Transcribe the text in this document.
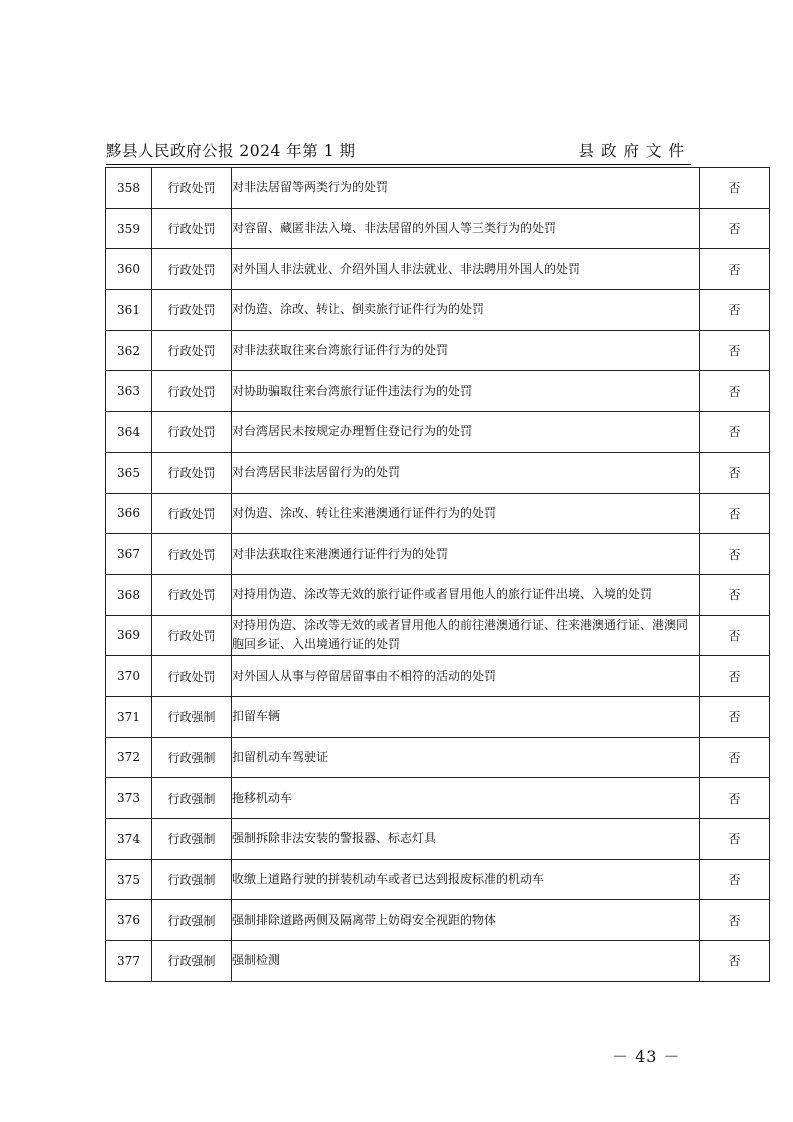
黟县人民政府公报 2024 年第 1 期	县政府文件
358	行政处罚	对非法居留等两类行为的处罚	否
359	行政处罚	对容留、藏匿非法入境、非法居留的外国人等三类行为的处罚	否
360	行政处罚	对外国人非法就业、介绍外国人非法就业、非法聘用外国人的处罚	否
361	行政处罚	对伪造、涂改、转让、倒卖旅行证件行为的处罚	否
362	行政处罚	对非法获取往来台湾旅行证件行为的处罚	否
363	行政处罚	对协助骗取往来台湾旅行证件违法行为的处罚	否
364	行政处罚	对台湾居民未按规定办理暂住登记行为的处罚	否
365	行政处罚	对台湾居民非法居留行为的处罚	否
366	行政处罚	对伪造、涂改、转让往来港澳通行证件行为的处罚	否
367	行政处罚	对非法获取往来港澳通行证件行为的处罚	否
368	行政处罚	对持用伪造、涂改等无效的旅行证件或者冒用他人的旅行证件出境、入境的处罚	否
369	行政处罚	对持用伪造、涂改等无效的或者冒用他人的前往港澳通行证、往来港澳通行证、港澳同胞回乡证、入出境通行证的处罚	否
370	行政处罚	对外国人从事与停留居留事由不相符的活动的处罚	否
371	行政强制	扣留车辆	否
372	行政强制	扣留机动车驾驶证	否
373	行政强制	拖移机动车	否
374	行政强制	强制拆除非法安装的警报器、标志灯具	否
375	行政强制	收缴上道路行驶的拼装机动车或者已达到报废标准的机动车	否
376	行政强制	强制排除道路两侧及隔离带上妨碍安全视距的物体	否
377	行政强制	强制检测	否
－ 43 －
